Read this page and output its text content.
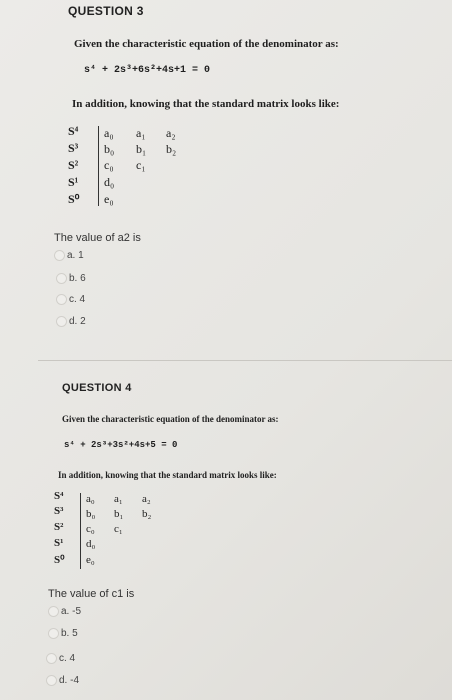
QUESTION 3
Given the characteristic equation of the denominator as:
s⁴ + 2s³+6s²+4s+1 = 0
In addition, knowing that the standard matrix looks like:
S⁴
S³
S²
S¹
S⁰
a₀ a₁ a₂
b₀ b₁ b₂
c₀ c₁
d₀
e₀
The value of a2 is
a. 1
b. 6
c. 4
d. 2
QUESTION 4
Given the characteristic equation of the denominator as:
s⁴ + 2s³+3s²+4s+5 = 0
In addition, knowing that the standard matrix looks like:
S⁴
S³
S²
S¹
S⁰
a₀ a₁ a₂
b₀ b₁ b₂
c₀ c₁
d₀
e₀
The value of c1 is
a. -5
b. 5
c. 4
d. -4
